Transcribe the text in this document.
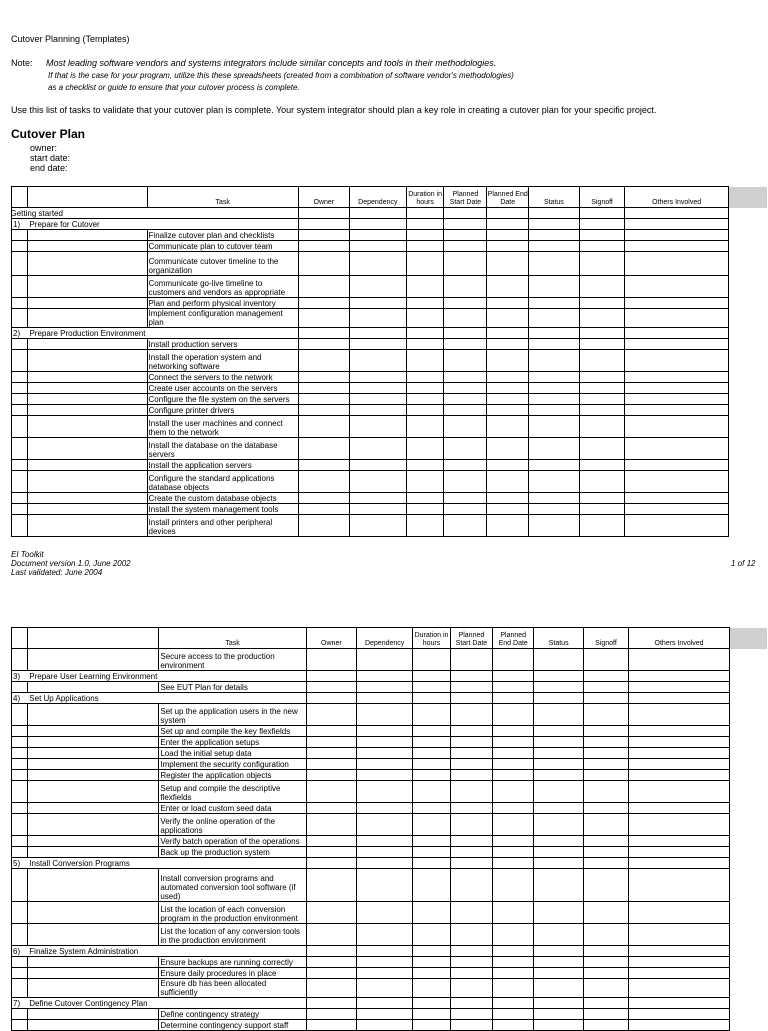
Cutover Planning (Templates)
Note: Most leading software vendors and systems integrators include similar concepts and tools in their methodologies.
If that is the case for your program, utilize this these spreadsheets (created from a combination of software vendor's methodologies)
as a checklist or guide to ensure that your cutover process is complete.
Use this list of tasks to validate that your cutover plan is complete. Your system integrator should plan a key role in creating a cutover plan for your specific project.
Cutover Plan
owner:
start date:
end date:
		Task	Owner	Dependency	Duration in hours	Planned Start Date	Planned End Date	Status	Signoff	Others Involved	
	Getting started										
1)	Prepare for Cutover										
		Finalize cutover plan and checklists									
		Communicate plan to cutover team									
		Communicate cutover timeline to the organization									
		Communicate go-live timeline to customers and vendors as appropriate									
		Plan and perform physical inventory									
		Implement configuration management plan									
2)	Prepare Production Environment										
		Install production servers									
		Install the operation system and networking software									
		Connect the servers to the network									
		Create user accounts on the servers									
		Configure the file system on the servers									
		Configure printer drivers									
		Install the user machines and connect them to the network									
		Install the database on the database servers									
		Install the application servers									
		Configure the standard applications database objects									
		Create the custom database objects									
		Install the system management tools									
		Install printers and other peripheral devices									
EI Toolkit
Document version 1.0, June 2002
Last validated: June 2004
1 of 12
		Task	Owner	Dependency	Duration in hours	Planned Start Date	Planned End Date	Status	Signoff	Others Involved	
		Secure access to the production environment									
3)	Prepare User Learning Environment										
		See EUT Plan for details									
4)	Set Up Applications										
		Set up the application users in the new system									
		Set up and compile the key flexfields									
		Enter the application setups									
		Load the initial setup data									
		Implement the security configuration									
		Register the application objects									
		Setup and compile the descriptive flexfields									
		Enter or load custom seed data									
		Verify the online operation of the applications									
		Verify batch operation of the operations									
		Back up the production system									
5)	Install Conversion Programs										
		Install conversion programs and automated conversion tool software (if used)									
		List the location of each conversion program in the production environment									
		List the location of any conversion tools in the production environment									
6)	Finalize System Administration										
		Ensure backups are running correctly									
		Ensure daily procedures in place									
		Ensure db has been allocated sufficiently									
7)	Define Cutover Contingency Plan										
		Define contingency strategy									
		Determine contingency support staff									
